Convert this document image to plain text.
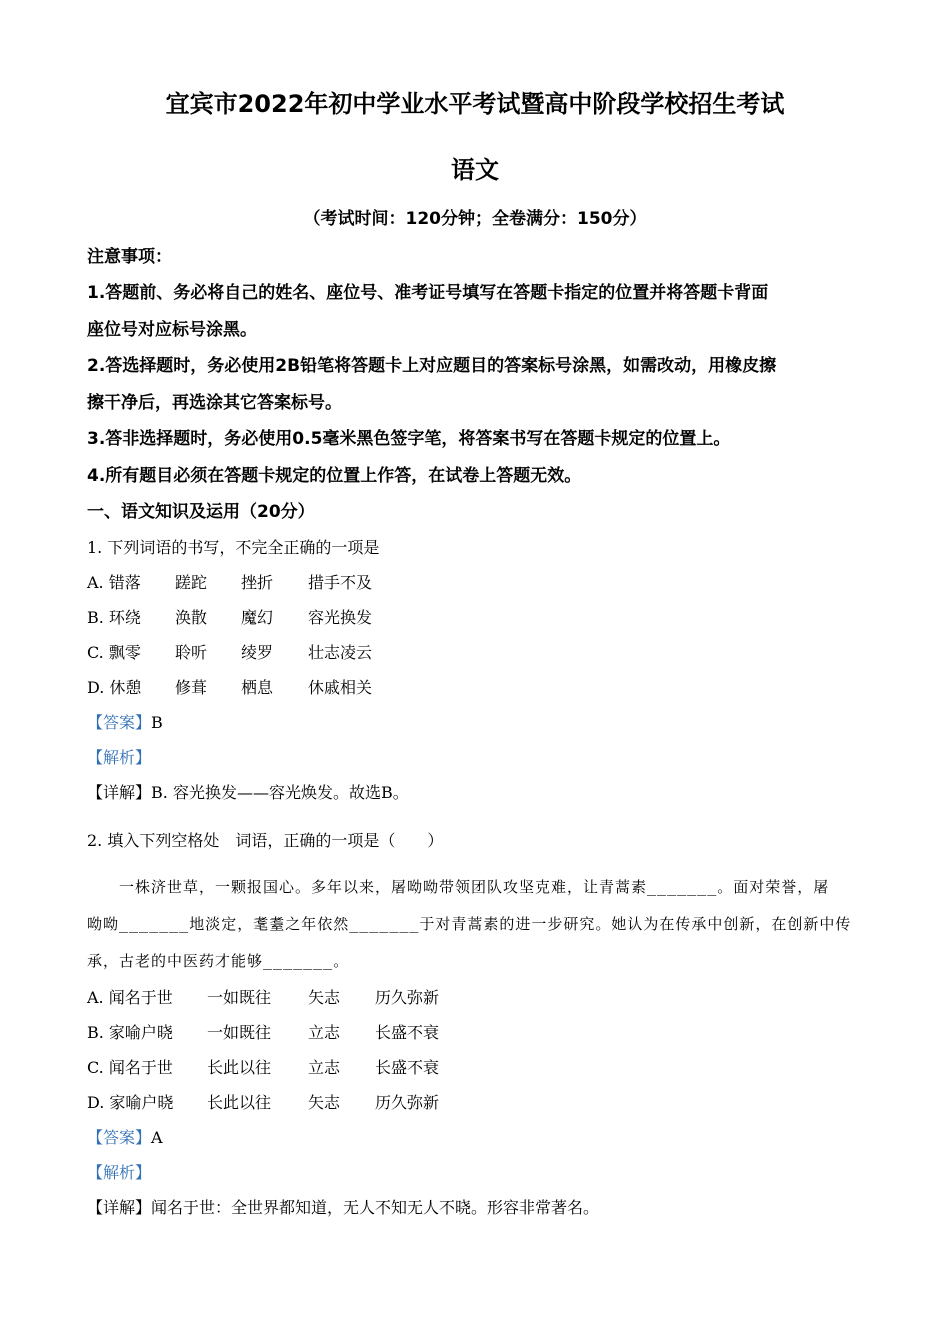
宜宾市2022年初中学业水平考试暨高中阶段学校招生考试
语文
（考试时间：120分钟；全卷满分：150分）
注意事项：
1.答题前、务必将自己的姓名、座位号、准考证号填写在答题卡指定的位置并将答题卡背面
座位号对应标号涂黑。
2.答选择题时，务必使用2B铅笔将答题卡上对应题目的答案标号涂黑，如需改动，用橡皮擦
擦干净后，再选涂其它答案标号。
3.答非选择题时，务必使用0.5毫米黑色签字笔，将答案书写在答题卡规定的位置上。
4.所有题目必须在答题卡规定的位置上作答，在试卷上答题无效。
一、语文知识及运用（20分）
1. 下列词语的书写，不完全正确的一项是
A. 错落 蹉跎 挫折 措手不及
B. 环绕 涣散 魔幻 容光换发
C. 飘零 聆听 绫罗 壮志凌云
D. 休憩 修葺 栖息 休戚相关
【答案】B
【解析】
【详解】B. 容光换发——容光焕发。故选B。
2. 填入下列空格处　词语，正确的一项是（　　）
　　一株济世草，一颗报国心。多年以来，屠呦呦带领团队攻坚克难，让青蒿素_______。面对荣誉，屠
呦呦_______地淡定，耄耋之年依然_______于对青蒿素的进一步研究。她认为在传承中创新，在创新中传
承，古老的中医药才能够_______。
A. 闻名于世 一如既往 矢志 历久弥新
B. 家喻户晓 一如既往 立志 长盛不衰
C. 闻名于世 长此以往 立志 长盛不衰
D. 家喻户晓 长此以往 矢志 历久弥新
【答案】A
【解析】
【详解】闻名于世：全世界都知道，无人不知无人不晓。形容非常著名。
